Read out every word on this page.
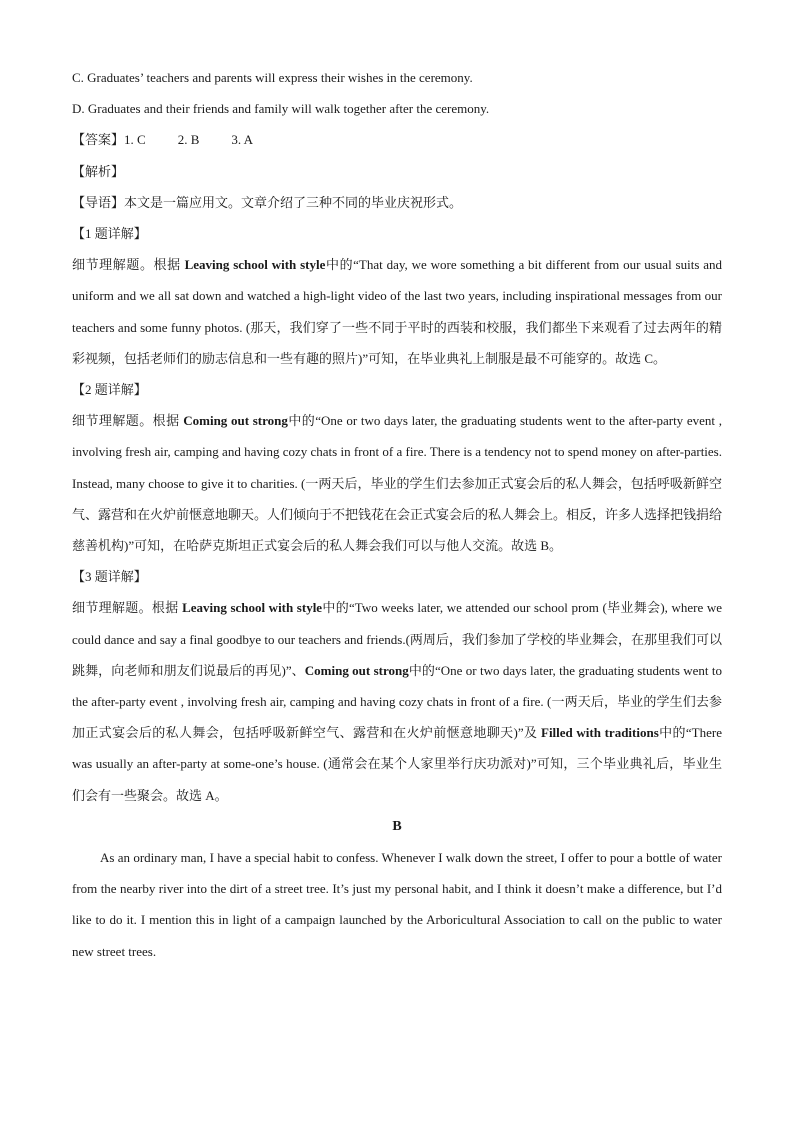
C. Graduates’ teachers and parents will express their wishes in the ceremony.
D. Graduates and their friends and family will walk together after the ceremony.
【答案】1. C 2. B 3. A
【解析】
【导语】本文是一篇应用文。文章介绍了三种不同的毕业庆祝形式。
【1 题详解】
细节理解题。根据 Leaving school with style中的“That day, we wore something a bit different from our usual suits and uniform and we all sat down and watched a high-light video of the last two years, including inspirational messages from our teachers and some funny photos. (那天，我们穿了一些不同于平时的西装和校服，我们都坐下来观看了过去两年的精彩视频，包括老师们的励志信息和一些有趣的照片)”可知，在毕业典礼上制服是最不可能穿的。故选 C。
【2 题详解】
细节理解题。根据 Coming out strong中的“One or two days later, the graduating students went to the after-party event , involving fresh air, camping and having cozy chats in front of a fire. There is a tendency not to spend money on after-parties. Instead, many choose to give it to charities. (一两天后，毕业的学生们去参加正式宴会后的私人舞会，包括呼吸新鲜空气、露营和在火炉前惬意地聊天。人们倾向于不把钱花在会正式宴会后的私人舞会上。相反，许多人选择把钱捐给慈善机构)”可知，在哈萨克斯坦正式宴会后的私人舞会我们可以与他人交流。故选 B。
【3 题详解】
细节理解题。根据 Leaving school with style中的“Two weeks later, we attended our school prom (毕业舞会), where we could dance and say a final goodbye to our teachers and friends.(两周后，我们参加了学校的毕业舞会，在那里我们可以跳舞，向老师和朋友们说最后的再见)”、Coming out strong中的“One or two days later, the graduating students went to the after-party event , involving fresh air, camping and having cozy chats in front of a fire. (一两天后，毕业的学生们去参加正式宴会后的私人舞会，包括呼吸新鲜空气、露营和在火炉前惬意地聊天)”及 Filled with traditions中的“There was usually an after-party at some-one’s house. (通常会在某个人家里举行庆功派对)”可知，三个毕业典礼后，毕业生们会有一些聚会。故选 A。
B
As an ordinary man, I have a special habit to confess. Whenever I walk down the street, I offer to pour a bottle of water from the nearby river into the dirt of a street tree. It’s just my personal habit, and I think it doesn’t make a difference, but I’d like to do it. I mention this in light of a campaign launched by the Arboricultural Association to call on the public to water new street trees.
